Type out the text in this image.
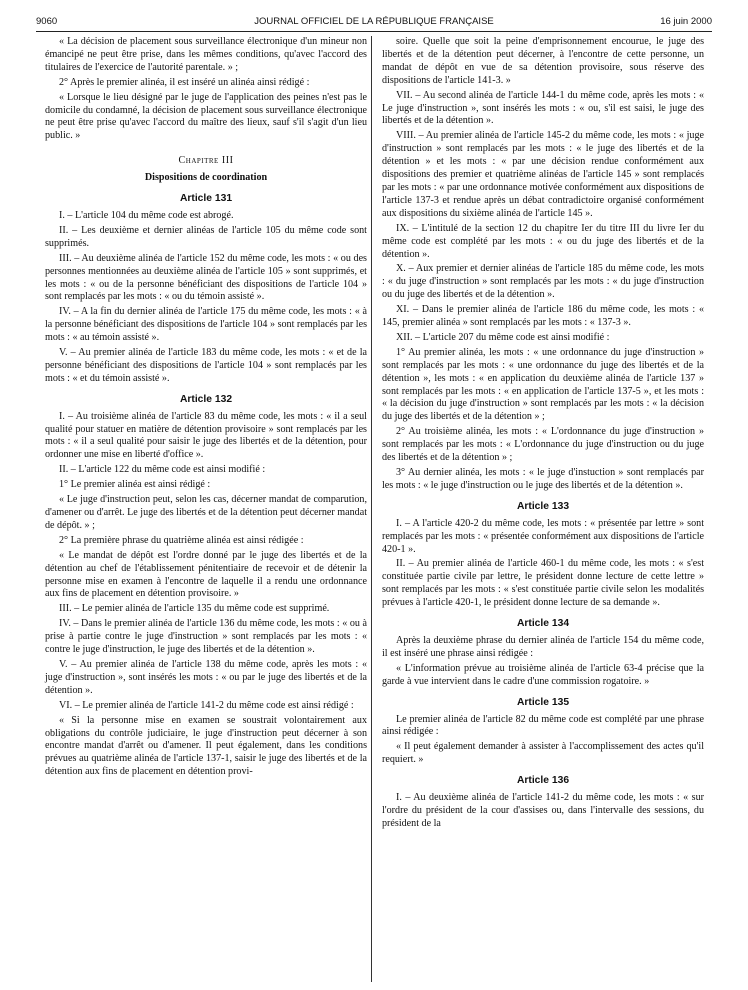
9060	JOURNAL OFFICIEL DE LA RÉPUBLIQUE FRANÇAISE	16 juin 2000

« La décision de placement sous surveillance électronique d'un mineur non émancipé ne peut être prise, dans les mêmes conditions, qu'avec l'accord des titulaires de l'exercice de l'autorité parentale. » ;

2° Après le premier alinéa, il est inséré un alinéa ainsi rédigé :

« Lorsque le lieu désigné par le juge de l'application des peines n'est pas le domicile du condamné, la décision de placement sous surveillance électronique ne peut être prise qu'avec l'accord du maître des lieux, sauf s'il s'agit d'un lieu public. »

Chapitre III

Dispositions de coordination

Article 131

I. – L'article 104 du même code est abrogé.

II. – Les deuxième et dernier alinéas de l'article 105 du même code sont supprimés.

III. – Au deuxième alinéa de l'article 152 du même code, les mots : « ou des personnes mentionnées au deuxième alinéa de l'article 105 » sont supprimés, et les mots : « ou de la personne bénéficiant des dispositions de l'article 104 » sont remplacés par les mots : « ou du témoin assisté ».

IV. – A la fin du dernier alinéa de l'article 175 du même code, les mots : « à la personne bénéficiant des dispositions de l'article 104 » sont remplacés par les mots : « au témoin assisté ».

V. – Au premier alinéa de l'article 183 du même code, les mots : « et de la personne bénéficiant des dispositions de l'article 104 » sont remplacés par les mots : « et du témoin assisté ».

Article 132

I. – Au troisième alinéa de l'article 83 du même code, les mots : « il a seul qualité pour statuer en matière de détention provisoire » sont remplacés par les mots : « il a seul qualité pour saisir le juge des libertés et de la détention, pour ordonner une mise en liberté d'office ».

II. – L'article 122 du même code est ainsi modifié :

1° Le premier alinéa est ainsi rédigé :

« Le juge d'instruction peut, selon les cas, décerner mandat de comparution, d'amener ou d'arrêt. Le juge des libertés et de la détention peut décerner mandat de dépôt. » ;

2° La première phrase du quatrième alinéa est ainsi rédigée :

« Le mandat de dépôt est l'ordre donné par le juge des libertés et de la détention au chef de l'établissement pénitentiaire de recevoir et de détenir la personne mise en examen à l'encontre de laquelle il a rendu une ordonnance aux fins de placement en détention provisoire. »

III. – Le pemier alinéa de l'article 135 du même code est supprimé.

IV. – Dans le premier alinéa de l'article 136 du même code, les mots : « ou à prise à partie contre le juge d'instruction » sont remplacés par les mots : « contre le juge d'instruction, le juge des libertés et de la détention ».

V. – Au premier alinéa de l'article 138 du même code, après les mots : « juge d'instruction », sont insérés les mots : « ou par le juge des libertés et de la détention ».

VI. – Le premier alinéa de l'article 141-2 du même code est ainsi rédigé :

« Si la personne mise en examen se soustrait volontairement aux obligations du contrôle judiciaire, le juge d'instruction peut décerner à son encontre mandat d'arrêt ou d'amener. Il peut également, dans les conditions prévues au quatrième alinéa de l'article 137-1, saisir le juge des libertés et de la détention aux fins de placement en détention provi-

soire. Quelle que soit la peine d'emprisonnement encourue, le juge des libertés et de la détention peut décerner, à l'encontre de cette personne, un mandat de dépôt en vue de sa détention provisoire, sous réserve des dispositions de l'article 141-3. »

VII. – Au second alinéa de l'article 144-1 du même code, après les mots : « Le juge d'instruction », sont insérés les mots : « ou, s'il est saisi, le juge des libertés et de la détention ».

VIII. – Au premier alinéa de l'article 145-2 du même code, les mots : « juge d'instruction » sont remplacés par les mots : « le juge des libertés et de la détention » et les mots : « par une décision rendue conformément aux dispositions des premier et quatrième alinéas de l'article 145 » sont remplacés par les mots : « par une ordonnance motivée conformément aux dispositions de l'article 137-3 et rendue après un débat contradictoire organisé conformément aux dispositions du sixième alinéa de l'article 145 ».

IX. – L'intitulé de la section 12 du chapitre Ier du titre III du livre Ier du même code est complété par les mots : « ou du juge des libertés et de la détention ».

X. – Aux premier et dernier alinéas de l'article 185 du même code, les mots : « du juge d'instruction » sont remplacés par les mots : « du juge d'instruction ou du juge des libertés et de la détention ».

XI. – Dans le premier alinéa de l'article 186 du même code, les mots : « 145, premier alinéa » sont remplacés par les mots : « 137-3 ».

XII. – L'article 207 du même code est ainsi modifié :

1° Au premier alinéa, les mots : « une ordonnance du juge d'instruction » sont remplacés par les mots : « une ordonnance du juge des libertés et de la détention », les mots : « en application du deuxième alinéa de l'article 137 » sont remplacés par les mots : « en application de l'article 137-5 », et les mots : « la décision du juge d'instruction » sont remplacés par les mots : « la décision du juge des libertés et de la détention » ;

2° Au troisième alinéa, les mots : « L'ordonnance du juge d'instruction » sont remplacés par les mots : « L'ordonnance du juge d'instruction ou du juge des libertés et de la détention » ;

3° Au dernier alinéa, les mots : « le juge d'instuction » sont remplacés par les mots : « le juge d'instruction ou le juge des libertés et de la détention ».

Article 133

I. – A l'article 420-2 du même code, les mots : « présentée par lettre » sont remplacés par les mots : « présentée conformément aux dispositions de l'article 420-1 ».

II. – Au premier alinéa de l'article 460-1 du même code, les mots : « s'est constituée partie civile par lettre, le président donne lecture de cette lettre » sont remplacés par les mots : « s'est constituée partie civile selon les modalités prévues à l'article 420-1, le président donne lecture de sa demande ».

Article 134

Après la deuxième phrase du dernier alinéa de l'article 154 du même code, il est inséré une phrase ainsi rédigée :

« L'information prévue au troisième alinéa de l'article 63-4 précise que la garde à vue intervient dans le cadre d'une commission rogatoire. »

Article 135

Le premier alinéa de l'article 82 du même code est complété par une phrase ainsi rédigée :

« Il peut également demander à assister à l'accomplissement des actes qu'il requiert. »

Article 136

I. – Au deuxième alinéa de l'article 141-2 du même code, les mots : « sur l'ordre du président de la cour d'assises ou, dans l'intervalle des sessions, du président de la
